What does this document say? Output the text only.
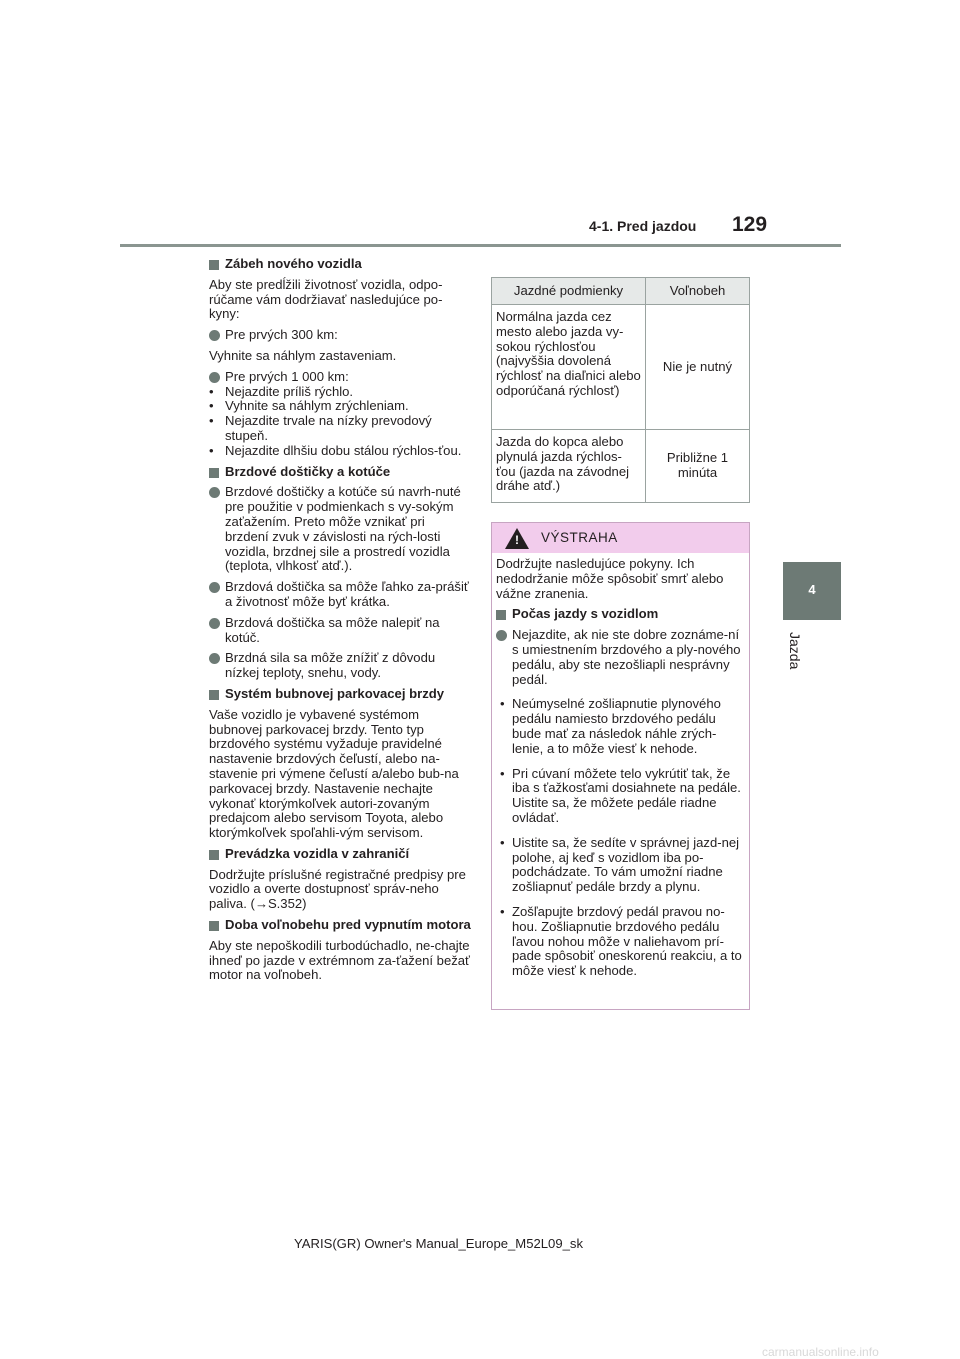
4-1. Pred jazdou 129
4
Jazda

Zábeh nového vozidla

Aby ste predĺžili životnosť vozidla, odpo-rúčame vám dodržiavať nasledujúce po-kyny:

Pre prvých 300 km:

Vyhnite sa náhlym zastaveniam.

Pre prvých 1 000 km:

• Nejazdite príliš rýchlo.

• Vyhnite sa náhlym zrýchleniam.

• Nejazdite trvale na nízky prevodový stupeň.

• Nejazdite dlhšiu dobu stálou rýchlos-ťou.

Brzdové doštičky a kotúče

Brzdové doštičky a kotúče sú navrh-nuté pre použitie v podmienkach s vy-sokým zaťažením. Preto môže vznikať pri brzdení zvuk v závislosti na rých-losti vozidla, brzdnej sile a prostredí vozidla (teplota, vlhkosť atď.).

Brzdová doštička sa môže ľahko za-prášiť a životnosť môže byť krátka.

Brzdová doštička sa môže nalepiť na kotúč.

Brzdná sila sa môže znížiť z dôvodu nízkej teploty, snehu, vody.

Systém bubnovej parkovacej brzdy

Vaše vozidlo je vybavené systémom bubnovej parkovacej brzdy. Tento typ brzdového systému vyžaduje pravidelné nastavenie brzdových čeľustí, alebo na-stavenie pri výmene čeľustí a/alebo bub-na parkovacej brzdy. Nastavenie nechajte vykonať ktorýmkoľvek autori-zovaným predajcom alebo servisom Toyota, alebo ktorýmkoľvek spoľahli-vým servisom.

Prevádzka vozidla v zahraničí

Dodržujte príslušné registračné predpisy pre vozidlo a overte dostupnosť správ-neho paliva. (→S.352)

Doba voľnobehu pred vypnutím motora

Aby ste nepoškodili turbodúchadlo, ne-chajte ihneď po jazde v extrémnom za-ťažení bežať motor na voľnobeh.

Jazdné podmienky	Voľnobeh
Normálna jazda cez mesto alebo jazda vy-sokou rýchlosťou (najvyššia dovolená rýchlosť na diaľnici alebo odporúčaná rýchlosť)	Nie je nutný
Jazda do kopca alebo plynulá jazda rýchlos-ťou (jazda na závodnej dráhe atď.)	Približne 1 minúta
! VÝSTRAHA

Dodržujte nasledujúce pokyny. Ich nedodržanie môže spôsobiť smrť alebo vážne zranenia.

Počas jazdy s vozidlom

Nejazdite, ak nie ste dobre zoznáme-ní s umiestnením brzdového a ply-nového pedálu, aby ste nezošliapli nesprávny pedál.

• Neúmyselné zošliapnutie plynového pedálu namiesto brzdového pedálu bude mať za následok náhle zrých-lenie, a to môže viesť k nehode.

• Pri cúvaní môžete telo vykrútiť tak, že iba s ťažkosťami dosiahnete na pedále. Uistite sa, že môžete pedále riadne ovládať.

• Uistite sa, že sedíte v správnej jazd-nej polohe, aj keď s vozidlom iba po-podchádzate. To vám umožní riadne zošliapnuť pedále brzdy a plynu.

• Zošľapujte brzdový pedál pravou no-hou. Zošliapnutie brzdového pedálu ľavou nohou môže v naliehavom prí-pade spôsobiť oneskorenú reakciu, a to môže viesť k nehode.

YARIS(GR) Owner's Manual_Europe_M52L09_sk
carmanualsonline.info
